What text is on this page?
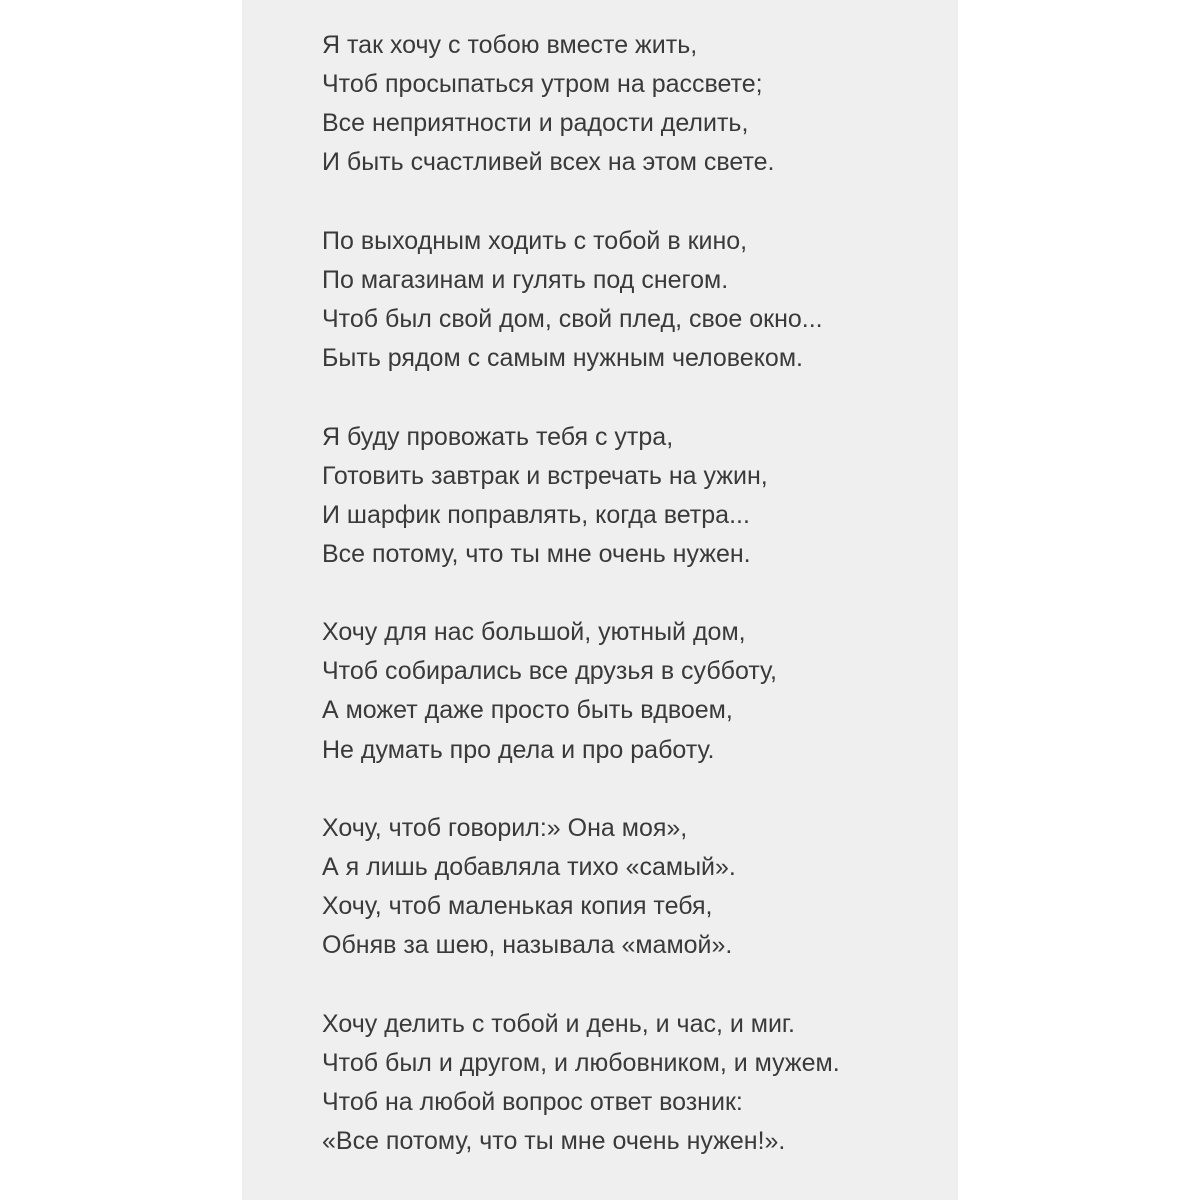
Я так хочу с тобою вместе жить,
Чтоб просыпаться утром на рассвете;
Все неприятности и радости делить,
И быть счастливей всех на этом свете.
По выходным ходить с тобой в кино,
По магазинам и гулять под снегом.
Чтоб был свой дом, свой плед, свое окно...
Быть рядом с самым нужным человеком.
Я буду провожать тебя с утра,
Готовить завтрак и встречать на ужин,
И шарфик поправлять, когда ветра...
Все потому, что ты мне очень нужен.
Хочу для нас большой, уютный дом,
Чтоб собирались все друзья в субботу,
А может даже просто быть вдвоем,
Не думать про дела и про работу.
Хочу, чтоб говорил:» Она моя»,
А я лишь добавляла тихо «самый».
Хочу, чтоб маленькая копия тебя,
Обняв за шею, называла «мамой».
Хочу делить с тобой и день, и час, и миг.
Чтоб был и другом, и любовником, и мужем.
Чтоб на любой вопрос ответ возник:
«Все потому, что ты мне очень нужен!».
